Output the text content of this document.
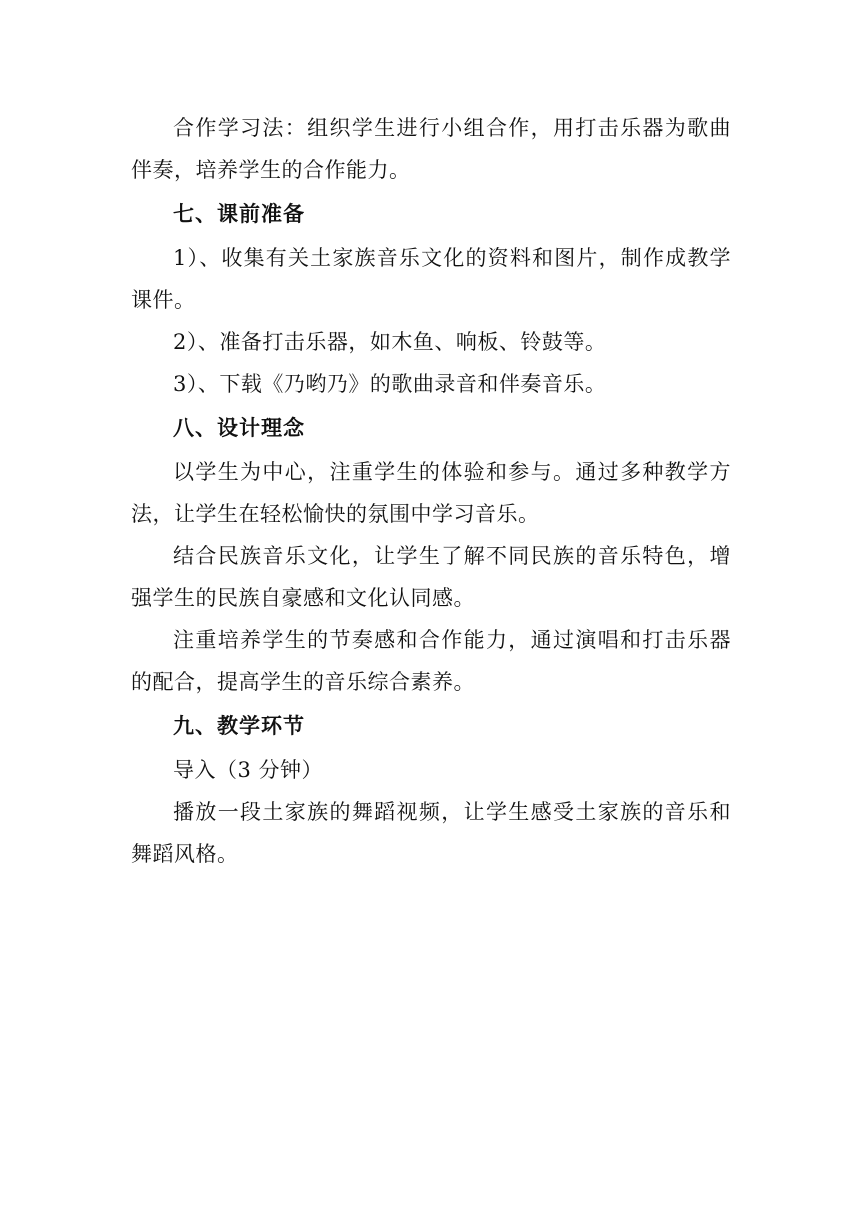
合作学习法：组织学生进行小组合作，用打击乐器为歌曲伴奏，培养学生的合作能力。

七、课前准备

1）、收集有关土家族音乐文化的资料和图片，制作成教学课件。

2）、准备打击乐器，如木鱼、响板、铃鼓等。

3）、下载《乃哟乃》的歌曲录音和伴奏音乐。

八、设计理念

以学生为中心，注重学生的体验和参与。通过多种教学方法，让学生在轻松愉快的氛围中学习音乐。

结合民族音乐文化，让学生了解不同民族的音乐特色，增强学生的民族自豪感和文化认同感。

注重培养学生的节奏感和合作能力，通过演唱和打击乐器的配合，提高学生的音乐综合素养。

九、教学环节

导入（3 分钟）

播放一段土家族的舞蹈视频，让学生感受土家族的音乐和舞蹈风格。
